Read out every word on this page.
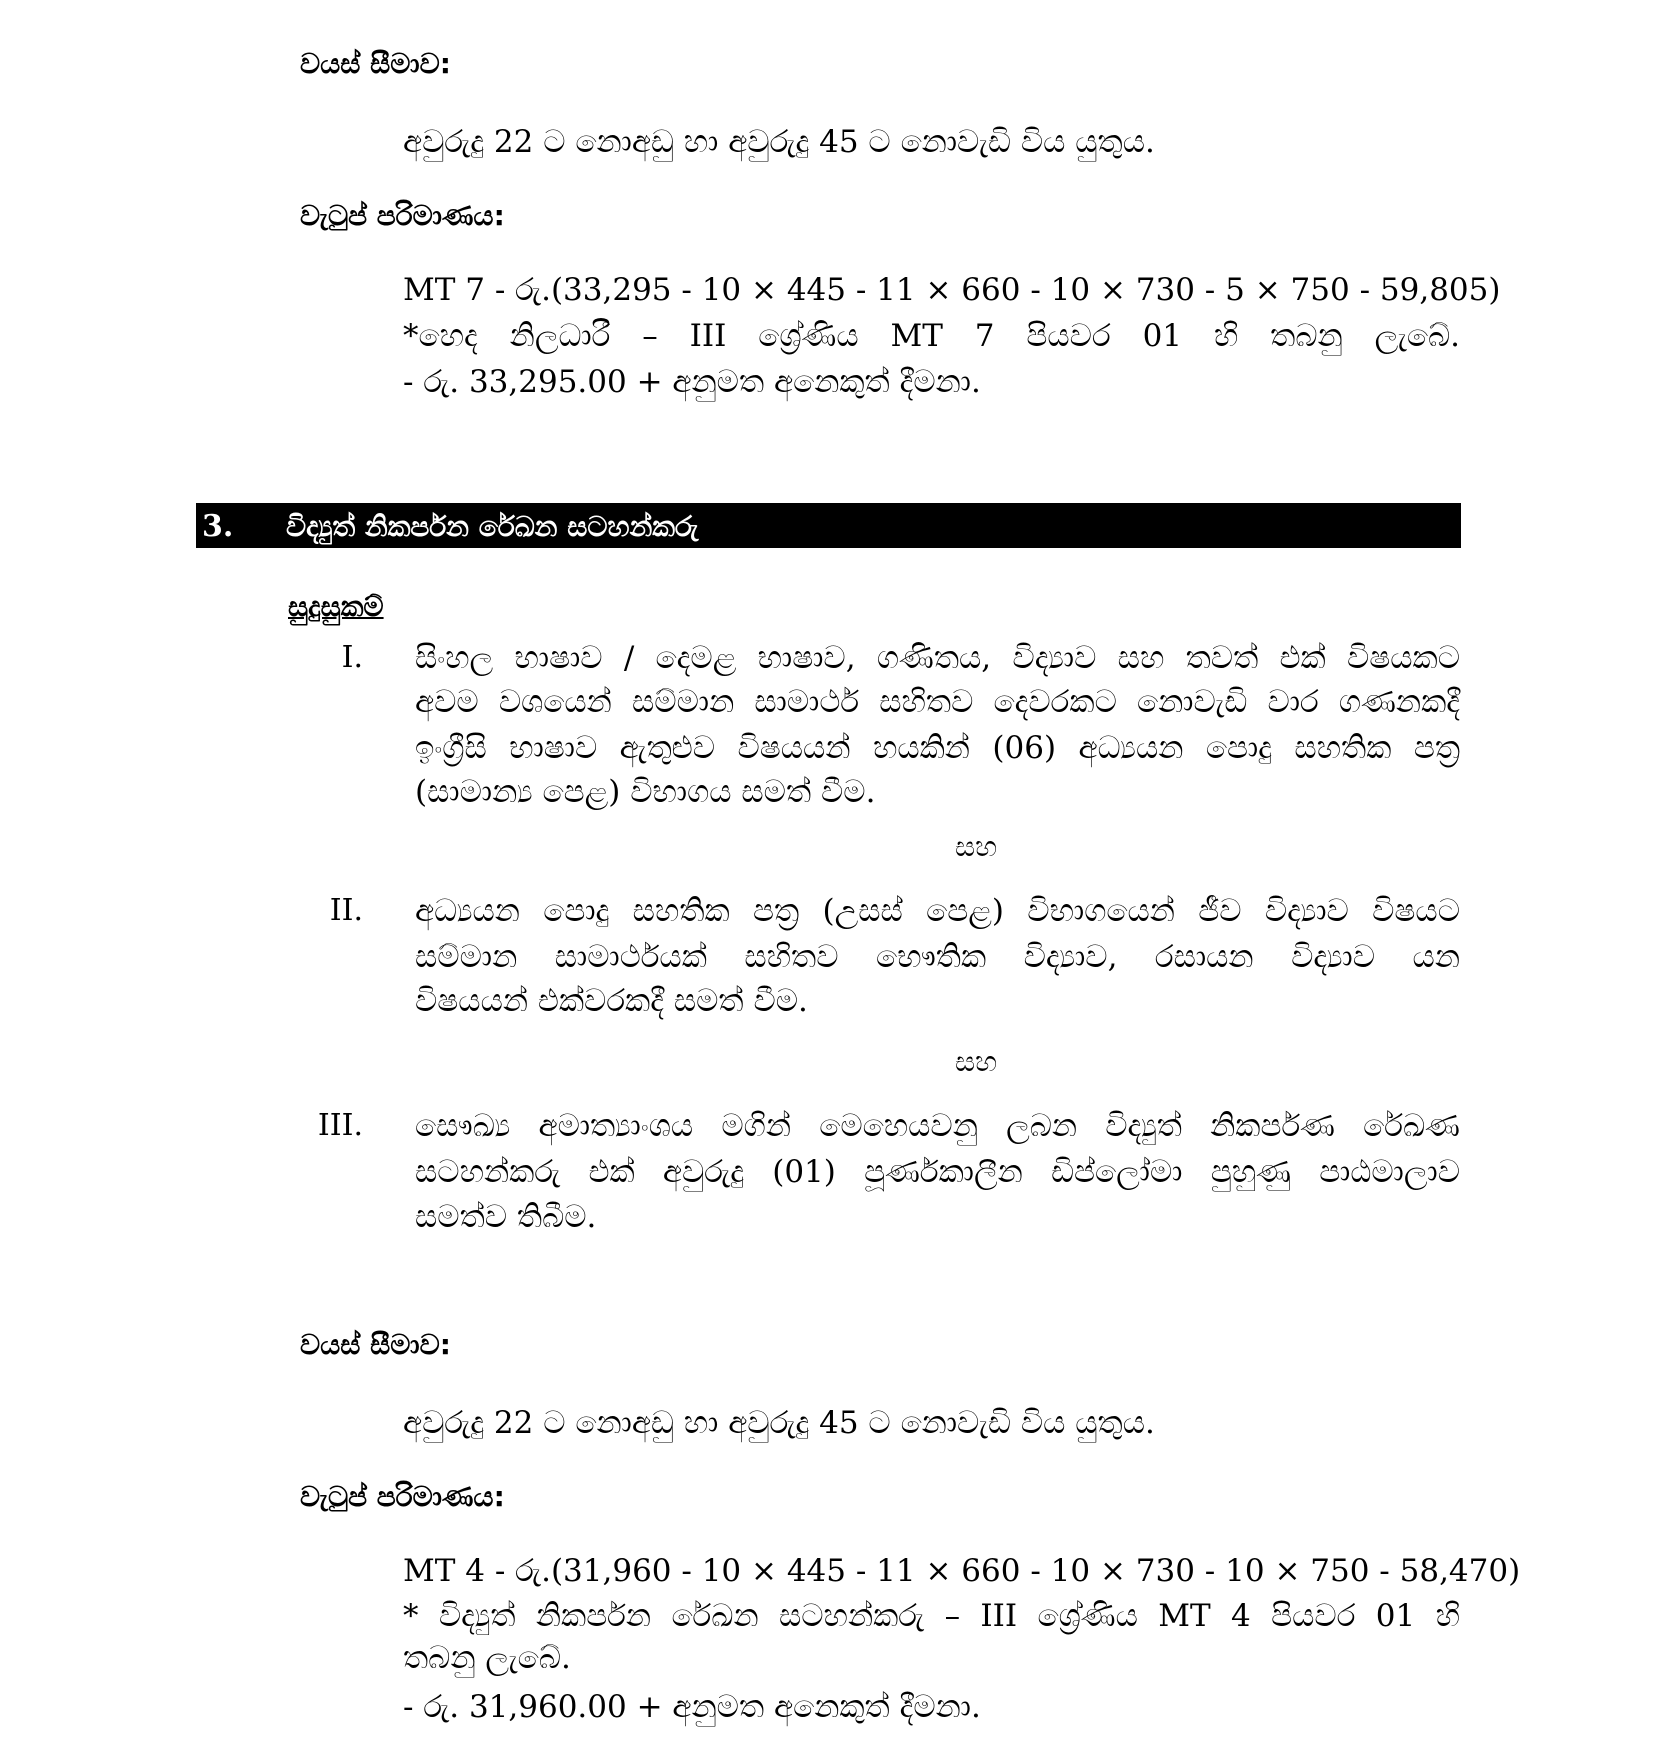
වයස් සීමාව:
අවුරුදු 22 ට නොඅඩු හා අවුරුදු 45 ට නොවැඩි විය යුතුය.
වැටුප් පරිමාණය:
MT 7 - රු.(33,295 - 10 × 445 - 11 × 660 - 10 × 730 - 5 × 750 - 59,805)
*හෙද නිලධාරී – III ශ්‍රේණිය MT 7 පියවර 01 හි තබනු ලැබේ.
- රු. 33,295.00 + අනුමත අනෙකුත් දීමනා.
3. විද්‍යුත් නිකර්පන රේඛන සටහන්කරු
සුදුසුකම්
I. සිංහල භාෂාව / දෙමළ භාෂාව, ගණිතය, විද්‍යාව සහ තවත් එක් විෂයකට
අවම වශයෙන් සම්මාන සාමාර්ථ සහිතව දෙවරකට නොවැඩි වාර ගණනකදී
ඉංග්‍රීසි භාෂාව ඇතුළුව විෂයයන් හයකින් (06) අධ්‍යයන පොදු සහතික පත්‍ර
(සාමාන්‍ය පෙළ) විභාගය සමත් වීම.
සහ
II. අධ්‍යයන පොදු සහතික පත්‍ර (උසස් පෙළ) විභාගයෙන් ජීව විද්‍යාව විෂයට
සම්මාන සාමාර්ථයක් සහිතව භෞතික විද්‍යාව, රසායන විද්‍යාව යන
විෂයයන් එක්වරකදී සමත් වීම.
සහ
III. සෞඛ්‍ය අමාත්‍යාංශය මගින් මෙහෙයවනු ලබන විද්‍යුත් නිකර්පණ රේඛණ
සටහන්කරු එක් අවුරුදු (01) පූර්ණකාලීන ඩිප්ලෝමා පුහුණු පාඨමාලාව
සමත්ව තිබීම.
වයස් සීමාව:
අවුරුදු 22 ට නොඅඩු හා අවුරුදු 45 ට නොවැඩි විය යුතුය.
වැටුප් පරිමාණය:
MT 4 - රු.(31,960 - 10 × 445 - 11 × 660 - 10 × 730 - 10 × 750 - 58,470)
* විද්‍යුත් නිකර්පන රේඛන සටහන්කරු – III ශ්‍රේණිය MT 4 පියවර 01 හි
තබනු ලැබේ.
- රු. 31,960.00 + අනුමත අනෙකුත් දීමනා.
